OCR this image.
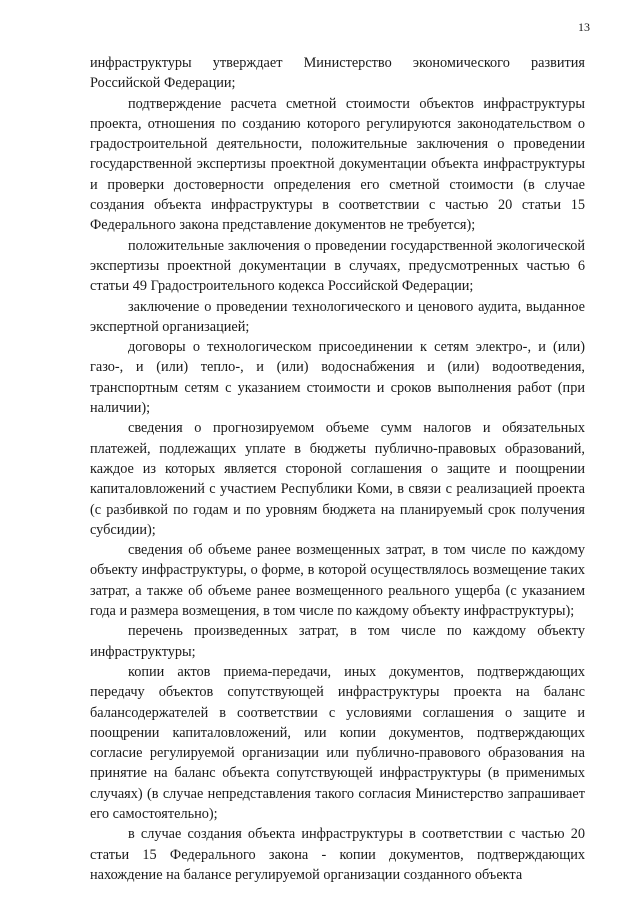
13

инфраструктуры утверждает Министерство экономического развития Российской Федерации;

подтверждение расчета сметной стоимости объектов инфраструктуры проекта, отношения по созданию которого регулируются законодательством о градостроительной деятельности, положительные заключения о проведении государственной экспертизы проектной документации объекта инфраструктуры и проверки достоверности определения его сметной стоимости (в случае создания объекта инфраструктуры в соответствии с частью 20 статьи 15 Федерального закона представление документов не требуется);

положительные заключения о проведении государственной экологической экспертизы проектной документации в случаях, предусмотренных частью 6 статьи 49 Градостроительного кодекса Российской Федерации;

заключение о проведении технологического и ценового аудита, выданное экспертной организацией;

договоры о технологическом присоединении к сетям электро-, и (или) газо-, и (или) тепло-, и (или) водоснабжения и (или) водоотведения, транспортным сетям с указанием стоимости и сроков выполнения работ (при наличии);

сведения о прогнозируемом объеме сумм налогов и обязательных платежей, подлежащих уплате в бюджеты публично-правовых образований, каждое из которых является стороной соглашения о защите и поощрении капиталовложений с участием Республики Коми, в связи с реализацией проекта (с разбивкой по годам и по уровням бюджета на планируемый срок получения субсидии);

сведения об объеме ранее возмещенных затрат, в том числе по каждому объекту инфраструктуры, о форме, в которой осуществлялось возмещение таких затрат, а также об объеме ранее возмещенного реального ущерба (с указанием года и размера возмещения, в том числе по каждому объекту инфраструктуры);

перечень произведенных затрат, в том числе по каждому объекту инфраструктуры;

копии актов приема-передачи, иных документов, подтверждающих передачу объектов сопутствующей инфраструктуры проекта на баланс балансодержателей в соответствии с условиями соглашения о защите и поощрении капиталовложений, или копии документов, подтверждающих согласие регулируемой организации или публично-правового образования на принятие на баланс объекта сопутствующей инфраструктуры (в применимых случаях) (в случае непредставления такого согласия Министерство запрашивает его самостоятельно);

в случае создания объекта инфраструктуры в соответствии с частью 20 статьи 15 Федерального закона - копии документов, подтверждающих нахождение на балансе регулируемой организации созданного объекта
